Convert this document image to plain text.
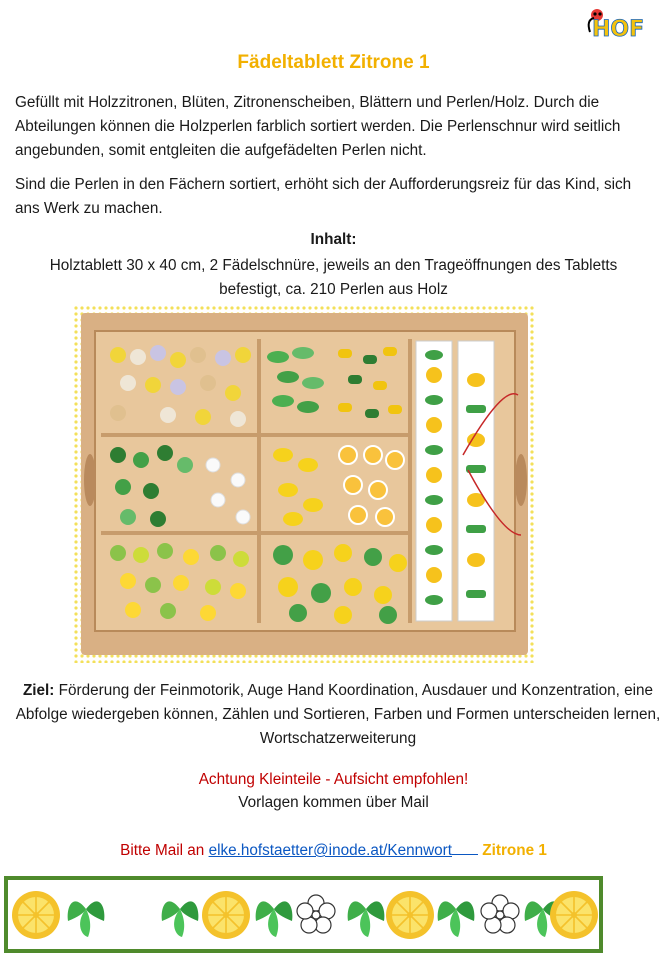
HOF
Fädeltablett Zitrone 1

Gefüllt mit Holzzitronen, Blüten, Zitronenscheiben, Blättern und Perlen/Holz. Durch die Abteilungen können die Holzperlen farblich sortiert werden. Die Perlenschnur wird seitlich angebunden, somit entgleiten die aufgefädelten Perlen nicht.

Sind die Perlen in den Fächern sortiert, erhöht sich der Aufforderungsreiz für das Kind, sich ans Werk zu machen.

Inhalt:

Holztablett 30 x 40 cm, 2 Fädelschnüre, jeweils an den Trageöffnungen des Tabletts befestigt, ca. 210 Perlen aus Holz

Ziel: Förderung der Feinmotorik, Auge Hand Koordination, Ausdauer und Konzentration, eine Abfolge wiedergeben können, Zählen und Sortieren, Farben und Formen unterscheiden lernen, Wortschatzerweiterung

Achtung Kleinteile - Aufsicht empfohlen!
Vorlagen kommen über Mail
Bitte Mail an elke.hofstaetter@inode.at/Kennwort Zitrone 1
